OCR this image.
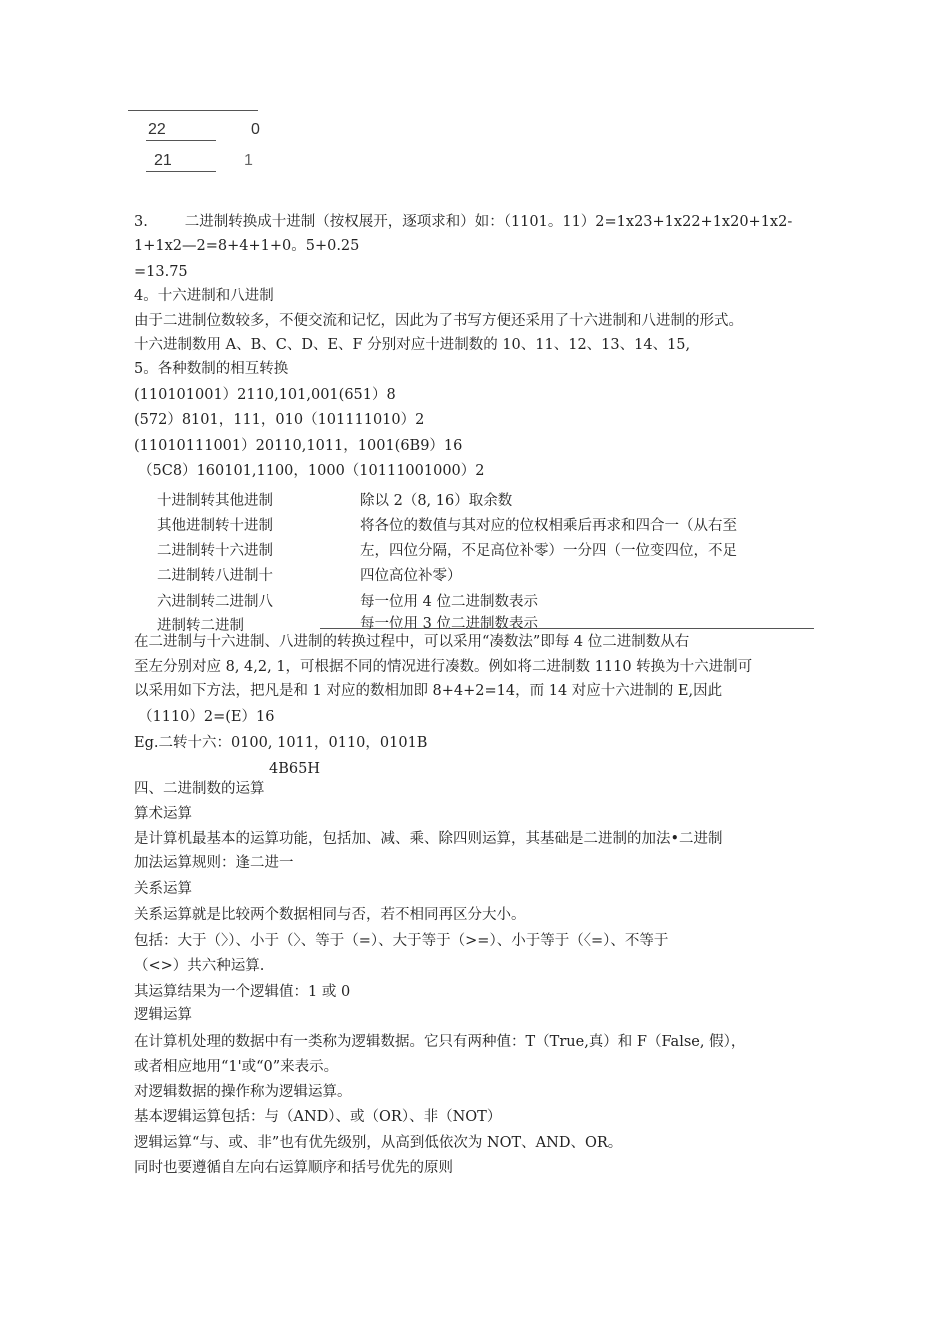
22	0
21	1
3.        二进制转换成十进制（按权展开，逐项求和）如：（1101。11）2=1x23+1x22+1x20+1x2-
1+1x2—2=8+4+1+0。5+0.25
=13.75
4。十六进制和八进制
由于二进制位数较多，不便交流和记忆，因此为了书写方便还采用了十六进制和八进制的形式。
十六进制数用 A、B、C、D、E、F 分别对应十进制数的 10、11、12、13、14、15,
5。各种数制的相互转换
(110101001）2110,101,001(651）8
(572）8101，111，010（101111010）2
(11010111001）20110,1011，1001(6B9）16
（5C8）160101,1100，1000（10111001000）2
十进制转其他进制
其他进制转十进制
二进制转十六进制
二进制转八进制十
六进制转二进制八
进制转二进制
除以 2（8, 16）取余数
将各位的数值与其对应的位权相乘后再求和四合一（从右至
左，四位分隔，不足高位补零）一分四（一位变四位，不足
四位高位补零）
每一位用 4 位二进制数表示
每一位用 3 位二进制数表示
在二进制与十六进制、八进制的转换过程中，可以采用“凑数法”即每 4 位二进制数从右
至左分别对应 8, 4,2, 1，可根据不同的情况进行凑数。例如将二进制数 1110 转换为十六进制可
以采用如下方法，把凡是和 1 对应的数相加即 8+4+2=14，而 14 对应十六进制的 E,因此
（1110）2=(E）16
Eg.二转十六：0100, 1011，0110，0101B
4B65H
四、二进制数的运算
算术运算
是计算机最基本的运算功能，包括加、减、乘、除四则运算，其基础是二进制的加法•二进制
加法运算规则：逢二进一
关系运算
关系运算就是比较两个数据相同与否，若不相同再区分大小。
包括：大于（〉）、小于（〉、等于（=）、大于等于（>=）、小于等于（〈=）、不等于
（<>）共六种运算.
其运算结果为一个逻辑值：1 或 0
逻辑运算
在计算机处理的数据中有一类称为逻辑数据。它只有两种值：T（True,真）和 F（False, 假），
或者相应地用“1'或“0”来表示。
对逻辑数据的操作称为逻辑运算。
基本逻辑运算包括：与（AND）、或（OR）、非（NOT）
逻辑运算“与、或、非”也有优先级别，从高到低依次为 NOT、AND、OR。
同时也要遵循自左向右运算顺序和括号优先的原则
